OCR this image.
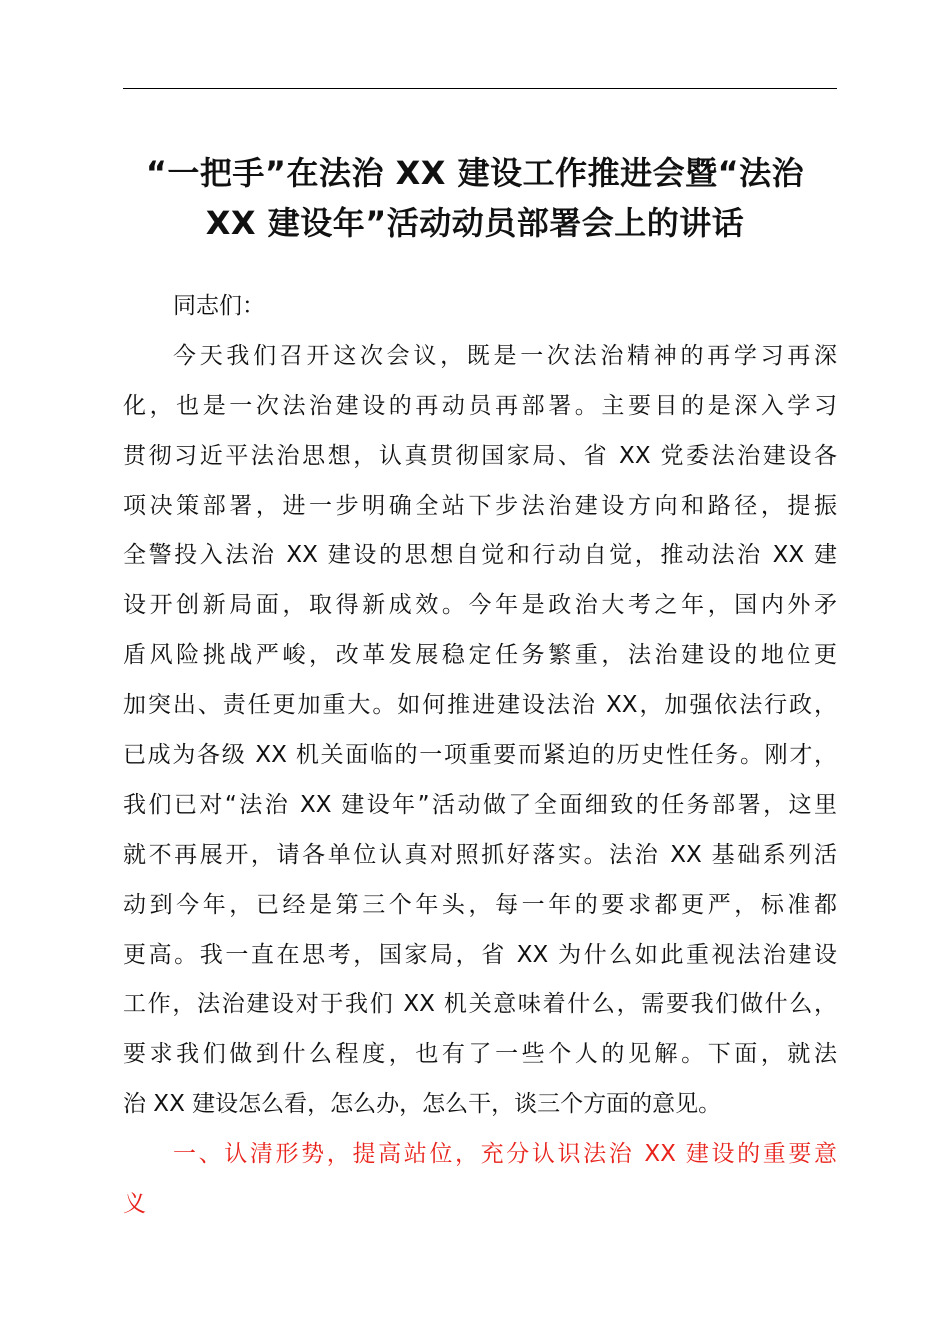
“一把手”在法治 XX 建设工作推进会暨“法治
XX 建设年”活动动员部署会上的讲话
同志们：
今天我们召开这次会议，既是一次法治精神的再学习再深
化，也是一次法治建设的再动员再部署。主要目的是深入学习
贯彻习近平法治思想，认真贯彻国家局、省 XX 党委法治建设各
项决策部署，进一步明确全站下步法治建设方向和路径，提振
全警投入法治 XX 建设的思想自觉和行动自觉，推动法治 XX 建
设开创新局面，取得新成效。今年是政治大考之年，国内外矛
盾风险挑战严峻，改革发展稳定任务繁重，法治建设的地位更
加突出、责任更加重大。如何推进建设法治 XX，加强依法行政，
已成为各级 XX 机关面临的一项重要而紧迫的历史性任务。刚才，
我们已对“法治 XX 建设年”活动做了全面细致的任务部署，这里
就不再展开，请各单位认真对照抓好落实。法治 XX 基础系列活
动到今年，已经是第三个年头，每一年的要求都更严，标准都
更高。我一直在思考，国家局，省 XX 为什么如此重视法治建设
工作，法治建设对于我们 XX 机关意味着什么，需要我们做什么，
要求我们做到什么程度，也有了一些个人的见解。下面，就法
治 XX 建设怎么看，怎么办，怎么干，谈三个方面的意见。
一、认清形势，提高站位，充分认识法治 XX 建设的重要意
义
